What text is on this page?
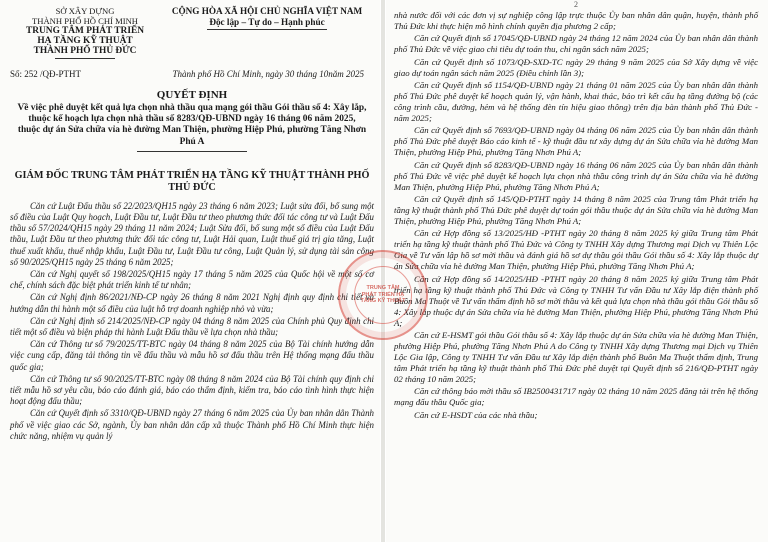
SỞ XÂY DỰNG
THÀNH PHỐ HỒ CHÍ MINH
TRUNG TÂM PHÁT TRIỂN
HẠ TẦNG KỸ THUẬT
THÀNH PHỐ THỦ ĐỨC
CỘNG HÒA XÃ HỘI CHỦ NGHĨA VIỆT NAM
Độc lập – Tự do – Hạnh phúc
Số: 252 /QĐ-PTHT	Thành phố Hồ Chí Minh, ngày 30 tháng 10năm 2025
QUYẾT ĐỊNH
Về việc phê duyệt kết quả lựa chọn nhà thầu qua mạng gói thầu Gói thầu số 4: Xây lắp, thuộc kế hoạch lựa chọn nhà thầu số 8283/QĐ-UBND ngày 16 tháng 06 năm 2025, thuộc dự án Sửa chữa vỉa hè đường Man Thiện, phường Hiệp Phú, phường Tăng Nhơn Phú A
GIÁM ĐỐC TRUNG TÂM PHÁT TRIỂN HẠ TẦNG KỸ THUẬT THÀNH PHỐ THỦ ĐỨC

Căn cứ Luật Đấu thầu số 22/2023/QH15 ngày 23 tháng 6 năm 2023; Luật sửa đổi, bổ sung một số điều của Luật Quy hoạch, Luật Đầu tư, Luật Đầu tư theo phương thức đối tác công tư và Luật Đấu thầu số 57/2024/QH15 ngày 29 tháng 11 năm 2024; Luật Sửa đổi, bổ sung một số điều của Luật Đấu thầu, Luật Đầu tư theo phương thức đối tác công tư, Luật Hải quan, Luật thuế giá trị gia tăng, Luật thuế xuất khẩu, thuế nhập khẩu, Luật Đầu tư, Luật Đầu tư công, Luật Quản lý, sử dụng tài sản công số 90/2025/QH15 ngày 25 tháng 6 năm 2025;

Căn cứ Nghị quyết số 198/2025/QH15 ngày 17 tháng 5 năm 2025 của Quốc hội về một số cơ chế, chính sách đặc biệt phát triển kinh tế tư nhân;

Căn cứ Nghị định 86/2021/NĐ-CP ngày 26 tháng 8 năm 2021 Nghị định quy định chi tiết và hướng dẫn thi hành một số điều của luật hỗ trợ doanh nghiệp nhỏ và vừa;

Căn cứ Nghị định số 214/2025/NĐ-CP ngày 04 tháng 8 năm 2025 của Chính phủ Quy định chi tiết một số điều và biện pháp thi hành Luật Đấu thầu về lựa chọn nhà thầu;

Căn cứ Thông tư số 79/2025/TT-BTC ngày 04 tháng 8 năm 2025 của Bộ Tài chính hướng dẫn việc cung cấp, đăng tải thông tin về đấu thầu và mẫu hồ sơ đấu thầu trên Hệ thống mạng đấu thầu quốc gia;

Căn cứ Thông tư số 90/2025/TT-BTC ngày 08 tháng 8 năm 2024 của Bộ Tài chính quy định chi tiết mẫu hồ sơ yêu cầu, báo cáo đánh giá, báo cáo thẩm định, kiểm tra, báo cáo tình hình thực hiện hoạt động đấu thầu;

Căn cứ Quyết định số 3310/QĐ-UBND ngày 27 tháng 6 năm 2025 của Ủy ban nhân dân Thành phố về việc giao các Sở, ngành, Ủy ban nhân dân cấp xã thuộc Thành phố Hồ Chí Minh thực hiện chức năng, nhiệm vụ quản lý

2

nhà nước đối với các đơn vị sự nghiệp công lập trực thuộc Ủy ban nhân dân quận, huyện, thành phố Thủ Đức khi thực hiện mô hình chính quyền địa phương 2 cấp;

Căn cứ Quyết định số 17045/QĐ-UBND ngày 24 tháng 12 năm 2024 của Ủy ban nhân dân thành phố Thủ Đức về việc giao chi tiêu dự toán thu, chi ngân sách năm 2025;

Căn cứ Quyết định số 1073/QĐ-SXD-TC ngày 29 tháng 9 năm 2025 của Sở Xây dựng về việc giao dự toán ngân sách năm 2025 (Điều chỉnh lần 3);

Căn cứ Quyết định số 1154/QĐ-UBND ngày 21 tháng 01 năm 2025 của Ủy ban nhân dân thành phố Thủ Đức phê duyệt kế hoạch quản lý, vận hành, khai thác, bảo trì kết cấu hạ tầng đường bộ (các công trình cầu, đường, hẻm và hệ thống đèn tín hiệu giao thông) trên địa bàn thành phố Thủ Đức - năm 2025;

Căn cứ Quyết định số 7693/QĐ-UBND ngày 04 tháng 06 năm 2025 của Ủy ban nhân dân thành phố Thủ Đức phê duyệt Báo cáo kinh tế - kỹ thuật đầu tư xây dựng dự án Sửa chữa vỉa hè đường Man Thiện, phường Hiệp Phú, phường Tăng Nhơn Phú A;

Căn cứ Quyết định số 8283/QĐ-UBND ngày 16 tháng 06 năm 2025 của Ủy ban nhân dân thành phố Thủ Đức về việc phê duyệt kế hoạch lựa chọn nhà thầu công trình dự án Sửa chữa vỉa hè đường Man Thiện, phường Hiệp Phú, phường Tăng Nhơn Phú A;

Căn cứ Quyết định số 145/QĐ-PTHT ngày 14 tháng 8 năm 2025 của Trung tâm Phát triển hạ tầng kỹ thuật thành phố Thủ Đức phê duyệt dự toán gói thầu thuộc dự án Sửa chữa vỉa hè đường Man Thiện, phường Hiệp Phú, phường Tăng Nhơn Phú A;

Căn cứ Hợp đồng số 13/2025/HĐ -PTHT ngày 20 tháng 8 năm 2025 ký giữa Trung tâm Phát triển hạ tầng kỹ thuật thành phố Thủ Đức và Công ty TNHH Xây dựng Thương mại Dịch vụ Thiên Lộc Gia về Tư vấn lập hồ sơ mời thầu và đánh giá hồ sơ dự thầu gói thầu Gói thầu số 4: Xây lắp thuộc dự án Sửa chữa vỉa hè đường Man Thiện, phường Hiệp Phú, phường Tăng Nhơn Phú A;

Căn cứ Hợp đồng số 14/2025/HĐ -PTHT ngày 20 tháng 8 năm 2025 ký giữa Trung tâm Phát triển hạ tầng kỹ thuật thành phố Thủ Đức và Công ty TNHH Tư vấn Đầu tư Xây lắp điện thành phố Buôn Ma Thuột về Tư vấn thẩm định hồ sơ mời thầu và kết quả lựa chọn nhà thầu gói thầu Gói thầu số 4: Xây lắp thuộc dự án Sửa chữa vỉa hè đường Man Thiện, phường Hiệp Phú, phường Tăng Nhơn Phú A;

Căn cứ E-HSMT gói thầu Gói thầu số 4: Xây lắp thuộc dự án Sửa chữa vỉa hè đường Man Thiện, phường Hiệp Phú, phường Tăng Nhơn Phú A do Công ty TNHH Xây dựng Thương mại Dịch vụ Thiên Lộc Gia lập, Công ty TNHH Tư vấn Đầu tư Xây lắp điện thành phố Buôn Ma Thuột thẩm định, Trung tâm Phát triển hạ tầng kỹ thuật thành phố Thủ Đức phê duyệt tại Quyết định số 216/QĐ-PTHT ngày 02 tháng 10 năm 2025;

Căn cứ thông báo mời thầu số IB2500431717 ngày 02 tháng 10 năm 2025 đăng tải trên hệ thống mạng đấu thầu Quốc gia;

Căn cứ E-HSDT của các nhà thầu;

TRUNG TÂM PHÁT TRIỂN HẠ TẦNG KỸ THUẬT
